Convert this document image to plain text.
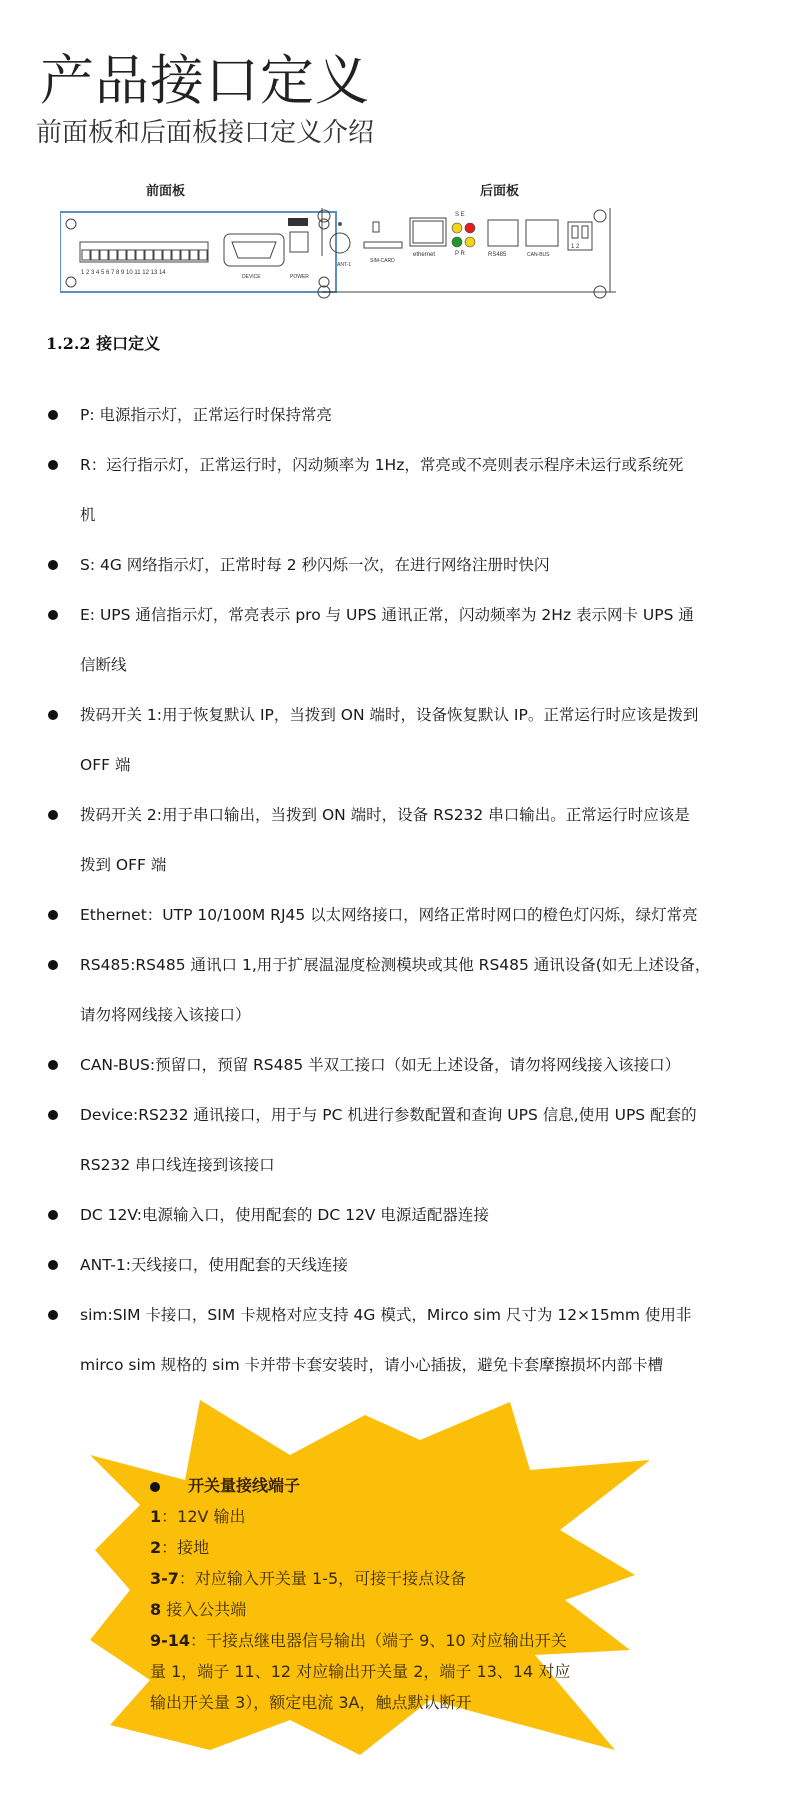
产品接口定义
前面板和后面板接口定义介绍
前面板	后面板
1 2 3 4 5 6 7 8 9 10 11 12 13 14
DEVICE	POWER
ANT-1
SIM-CARD
ethernet
S E
P R	RS485	CAN-BUS
1 2
1.2.2 接口定义
P: 电源指示灯，正常运行时保持常亮
R：运行指示灯，正常运行时，闪动频率为 1Hz，常亮或不亮则表示程序未运行或系统死
机
S: 4G 网络指示灯，正常时每 2 秒闪烁一次，在进行网络注册时快闪
E: UPS 通信指示灯，常亮表示 pro 与 UPS 通讯正常，闪动频率为 2Hz 表示网卡 UPS 通
信断线
拨码开关 1:用于恢复默认 IP，当拨到 ON 端时，设备恢复默认 IP。正常运行时应该是拨到
OFF 端
拨码开关 2:用于串口输出，当拨到 ON 端时，设备 RS232 串口输出。正常运行时应该是
拨到 OFF 端
Ethernet：UTP 10/100M RJ45 以太网络接口，网络正常时网口的橙色灯闪烁，绿灯常亮
RS485:RS485 通讯口 1,用于扩展温湿度检测模块或其他 RS485 通讯设备(如无上述设备，
请勿将网线接入该接口）
CAN-BUS:预留口，预留 RS485 半双工接口（如无上述设备，请勿将网线接入该接口）
Device:RS232 通讯接口，用于与 PC 机进行参数配置和查询 UPS 信息,使用 UPS 配套的
RS232 串口线连接到该接口
DC 12V:电源输入口，使用配套的 DC 12V 电源适配器连接
ANT-1:天线接口，使用配套的天线连接
sim:SIM 卡接口，SIM 卡规格对应支持 4G 模式，Mirco sim 尺寸为 12×15mm 使用非
mirco sim 规格的 sim 卡并带卡套安装时，请小心插拔，避免卡套摩擦损坏内部卡槽
开关量接线端子
1：12V 输出
2：接地
3-7：对应输入开关量 1-5，可接干接点设备
8 接入公共端
9-14：干接点继电器信号输出（端子 9、10 对应输出开关
量 1，端子 11、12 对应输出开关量 2，端子 13、14 对应
输出开关量 3），额定电流 3A，触点默认断开
